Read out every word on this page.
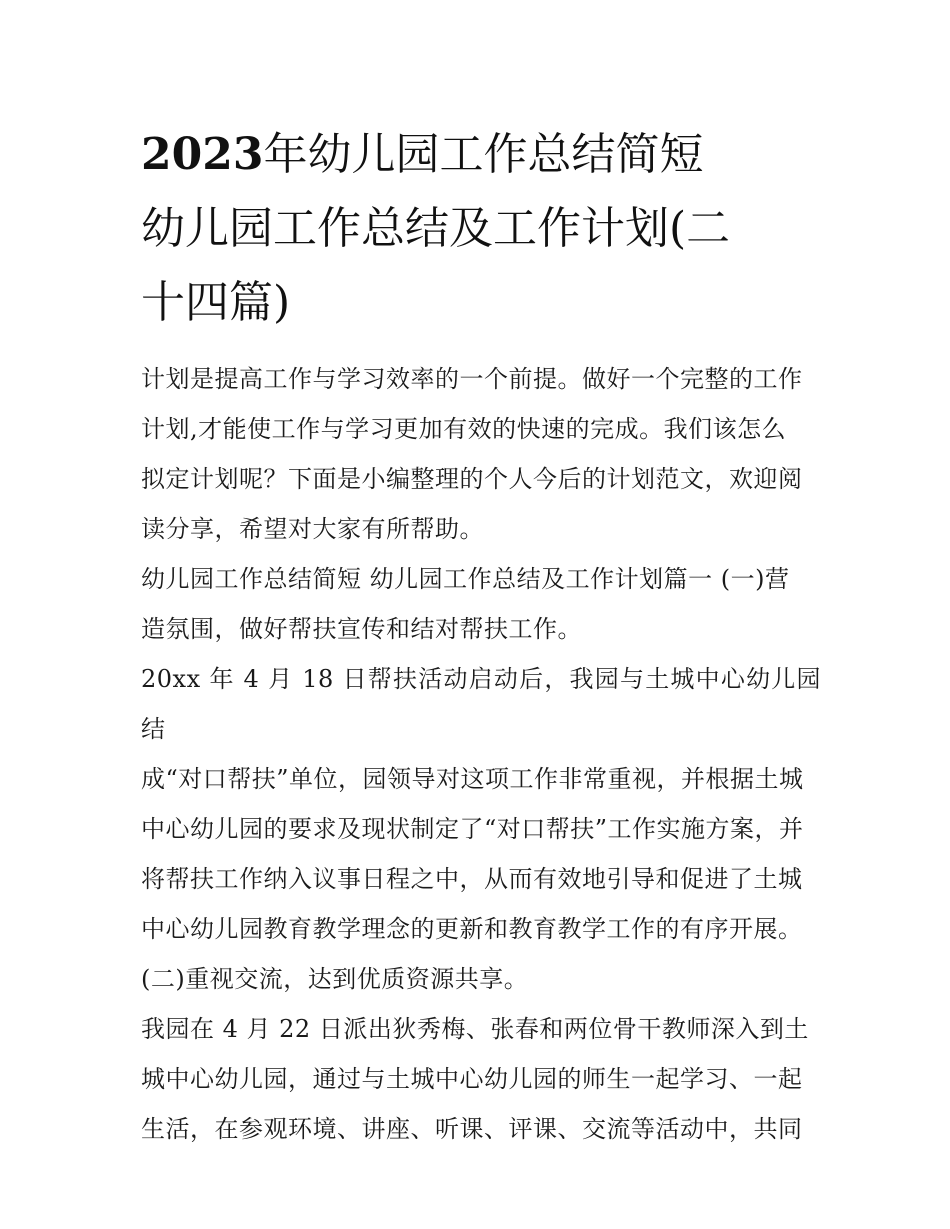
2023年幼儿园工作总结简短
幼儿园工作总结及工作计划(二
十四篇)

计划是提高工作与学习效率的一个前提。做好一个完整的工作

计划,才能使工作与学习更加有效的快速的完成。我们该怎么

拟定计划呢？下面是小编整理的个人今后的计划范文，欢迎阅

读分享，希望对大家有所帮助。

幼儿园工作总结简短 幼儿园工作总结及工作计划篇一 (一)营

造氛围，做好帮扶宣传和结对帮扶工作。

20xx 年 4 月 18 日帮扶活动启动后，我园与土城中心幼儿园结

成“对口帮扶”单位，园领导对这项工作非常重视，并根据土城

中心幼儿园的要求及现状制定了“对口帮扶”工作实施方案，并

将帮扶工作纳入议事日程之中，从而有效地引导和促进了土城

中心幼儿园教育教学理念的更新和教育教学工作的有序开展。

(二)重视交流，达到优质资源共享。

我园在 4 月 22 日派出狄秀梅、张春和两位骨干教师深入到土

城中心幼儿园，通过与土城中心幼儿园的师生一起学习、一起

生活，在参观环境、讲座、听课、评课、交流等活动中，共同
